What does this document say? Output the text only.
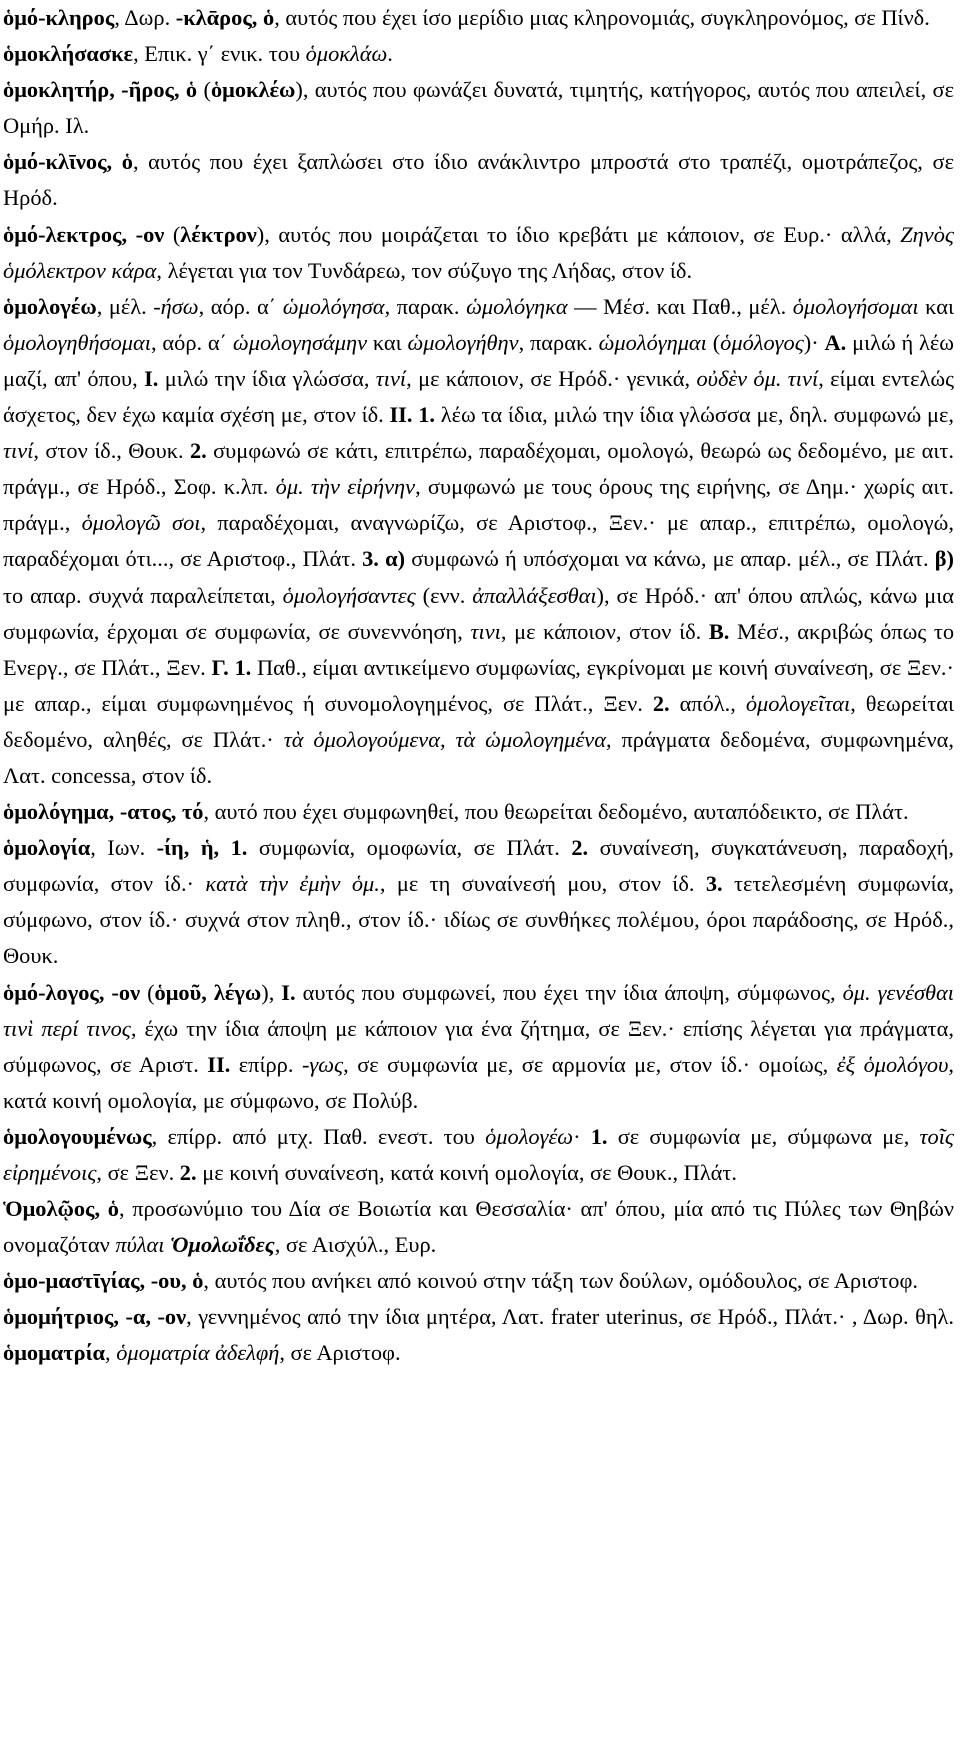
ὁμό-κληρος, Δωρ. -κλᾱρος, ὁ, αυτός που έχει ίσο μερίδιο μιας κληρονομιάς, συγκληρονόμος, σε Πίνδ.

ὁμοκλήσασκε, Επικ. γ΄ ενικ. του ὁμοκλάω.

ὁμοκλητήρ, -ῆρος, ὁ (ὁμοκλέω), αυτός που φωνάζει δυνατά, τιμητής, κατήγορος, αυτός που απειλεί, σε Ομήρ. Ιλ.

ὁμό-κλῑνος, ὁ, αυτός που έχει ξαπλώσει στο ίδιο ανάκλιντρο μπροστά στο τραπέζι, ομοτράπεζος, σε Ηρόδ.

ὁμό-λεκτρος, -ον (λέκτρον), αυτός που μοιράζεται το ίδιο κρεβάτι με κάποιον, σε Ευρ.· αλλά, Ζηνὸς ὁμόλεκτρον κάρα, λέγεται για τον Τυνδάρεω, τον σύζυγο της Λήδας, στον ίδ.

ὁμολογέω, μέλ. -ήσω, αόρ. α΄ ὡμολόγησα, παρακ. ὡμολόγηκα ― Μέσ. και Παθ., μέλ. ὁμολογήσομαι και ὁμολογηθήσομαι, αόρ. α΄ ὡμολογησάμην και ὡμολογήθην, παρακ. ὡμολόγημαι (ὁμόλογος)· Α. μιλώ ή λέω μαζί, απ' όπου, Ι. μιλώ την ίδια γλώσσα, τινί, με κάποιον, σε Ηρόδ.· γενικά, οὐδὲν ὁμ. τινί, είμαι εντελώς άσχετος, δεν έχω καμία σχέση με, στον ίδ. ΙΙ. 1. λέω τα ίδια, μιλώ την ίδια γλώσσα με, δηλ. συμφωνώ με, τινί, στον ίδ., Θουκ. 2. συμφωνώ σε κάτι, επιτρέπω, παραδέχομαι, ομολογώ, θεωρώ ως δεδομένο, με αιτ. πράγμ., σε Ηρόδ., Σοφ. κ.λπ. ὁμ. τὴν εἰρήνην, συμφωνώ με τους όρους της ειρήνης, σε Δημ.· χωρίς αιτ. πράγμ., ὁμολογῶ σοι, παραδέχομαι, αναγνωρίζω, σε Αριστοφ., Ξεν.· με απαρ., επιτρέπω, ομολογώ, παραδέχομαι ότι..., σε Αριστοφ., Πλάτ. 3. α) συμφωνώ ή υπόσχομαι να κάνω, με απαρ. μέλ., σε Πλάτ. β) το απαρ. συχνά παραλείπεται, ὁμολογήσαντες (ενν. ἀπαλλάξεσθαι), σε Ηρόδ.· απ' όπου απλώς, κάνω μια συμφωνία, έρχομαι σε συμφωνία, σε συνεννόηση, τινι, με κάποιον, στον ίδ. Β. Μέσ., ακριβώς όπως το Ενεργ., σε Πλάτ., Ξεν. Γ. 1. Παθ., είμαι αντικείμενο συμφωνίας, εγκρίνομαι με κοινή συναίνεση, σε Ξεν.· με απαρ., είμαι συμφωνημένος ή συνομολογημένος, σε Πλάτ., Ξεν. 2. απόλ., ὁμολογεῖται, θεωρείται δεδομένο, αληθές, σε Πλάτ.· τὰ ὁμολογούμενα, τὰ ὡμολογημένα, πράγματα δεδομένα, συμφωνημένα, Λατ. concessa, στον ίδ.

ὁμολόγημα, -ατος, τό, αυτό που έχει συμφωνηθεί, που θεωρείται δεδομένο, αυταπόδεικτο, σε Πλάτ.

ὁμολογία, Ιων. -ίη, ἡ, 1. συμφωνία, ομοφωνία, σε Πλάτ. 2. συναίνεση, συγκατάνευση, παραδοχή, συμφωνία, στον ίδ.· κατὰ τὴν ἐμὴν ὁμ., με τη συναίνεσή μου, στον ίδ. 3. τετελεσμένη συμφωνία, σύμφωνο, στον ίδ.· συχνά στον πληθ., στον ίδ.· ιδίως σε συνθήκες πολέμου, όροι παράδοσης, σε Ηρόδ., Θουκ.

ὁμό-λογος, -ον (ὁμοῦ, λέγω), Ι. αυτός που συμφωνεί, που έχει την ίδια άποψη, σύμφωνος, ὁμ. γενέσθαι τινὶ περί τινος, έχω την ίδια άποψη με κάποιον για ένα ζήτημα, σε Ξεν.· επίσης λέγεται για πράγματα, σύμφωνος, σε Αριστ. ΙΙ. επίρρ. -γως, σε συμφωνία με, σε αρμονία με, στον ίδ.· ομοίως, ἐξ ὁμολόγου, κατά κοινή ομολογία, με σύμφωνο, σε Πολύβ.

ὁμολογουμένως, επίρρ. από μτχ. Παθ. ενεστ. του ὁμολογέω· 1. σε συμφωνία με, σύμφωνα με, τοῖς εἰρημένοις, σε Ξεν. 2. με κοινή συναίνεση, κατά κοινή ομολογία, σε Θουκ., Πλάτ.

Ὁμολῷος, ὁ, προσωνύμιο του Δία σε Βοιωτία και Θεσσαλία· απ' όπου, μία από τις Πύλες των Θηβών ονομαζόταν πύλαι Ὁμολωΐδες, σε Αισχύλ., Ευρ.

ὁμο-μαστῑγίας, -ου, ὁ, αυτός που ανήκει από κοινού στην τάξη των δούλων, ομόδουλος, σε Αριστοφ.

ὁμομήτριος, -α, -ον, γεννημένος από την ίδια μητέρα, Λατ. frater uterinus, σε Ηρόδ., Πλάτ.· , Δωρ. θηλ. ὁμοματρία, ὁμοματρία ἀδελφή, σε Αριστοφ.
